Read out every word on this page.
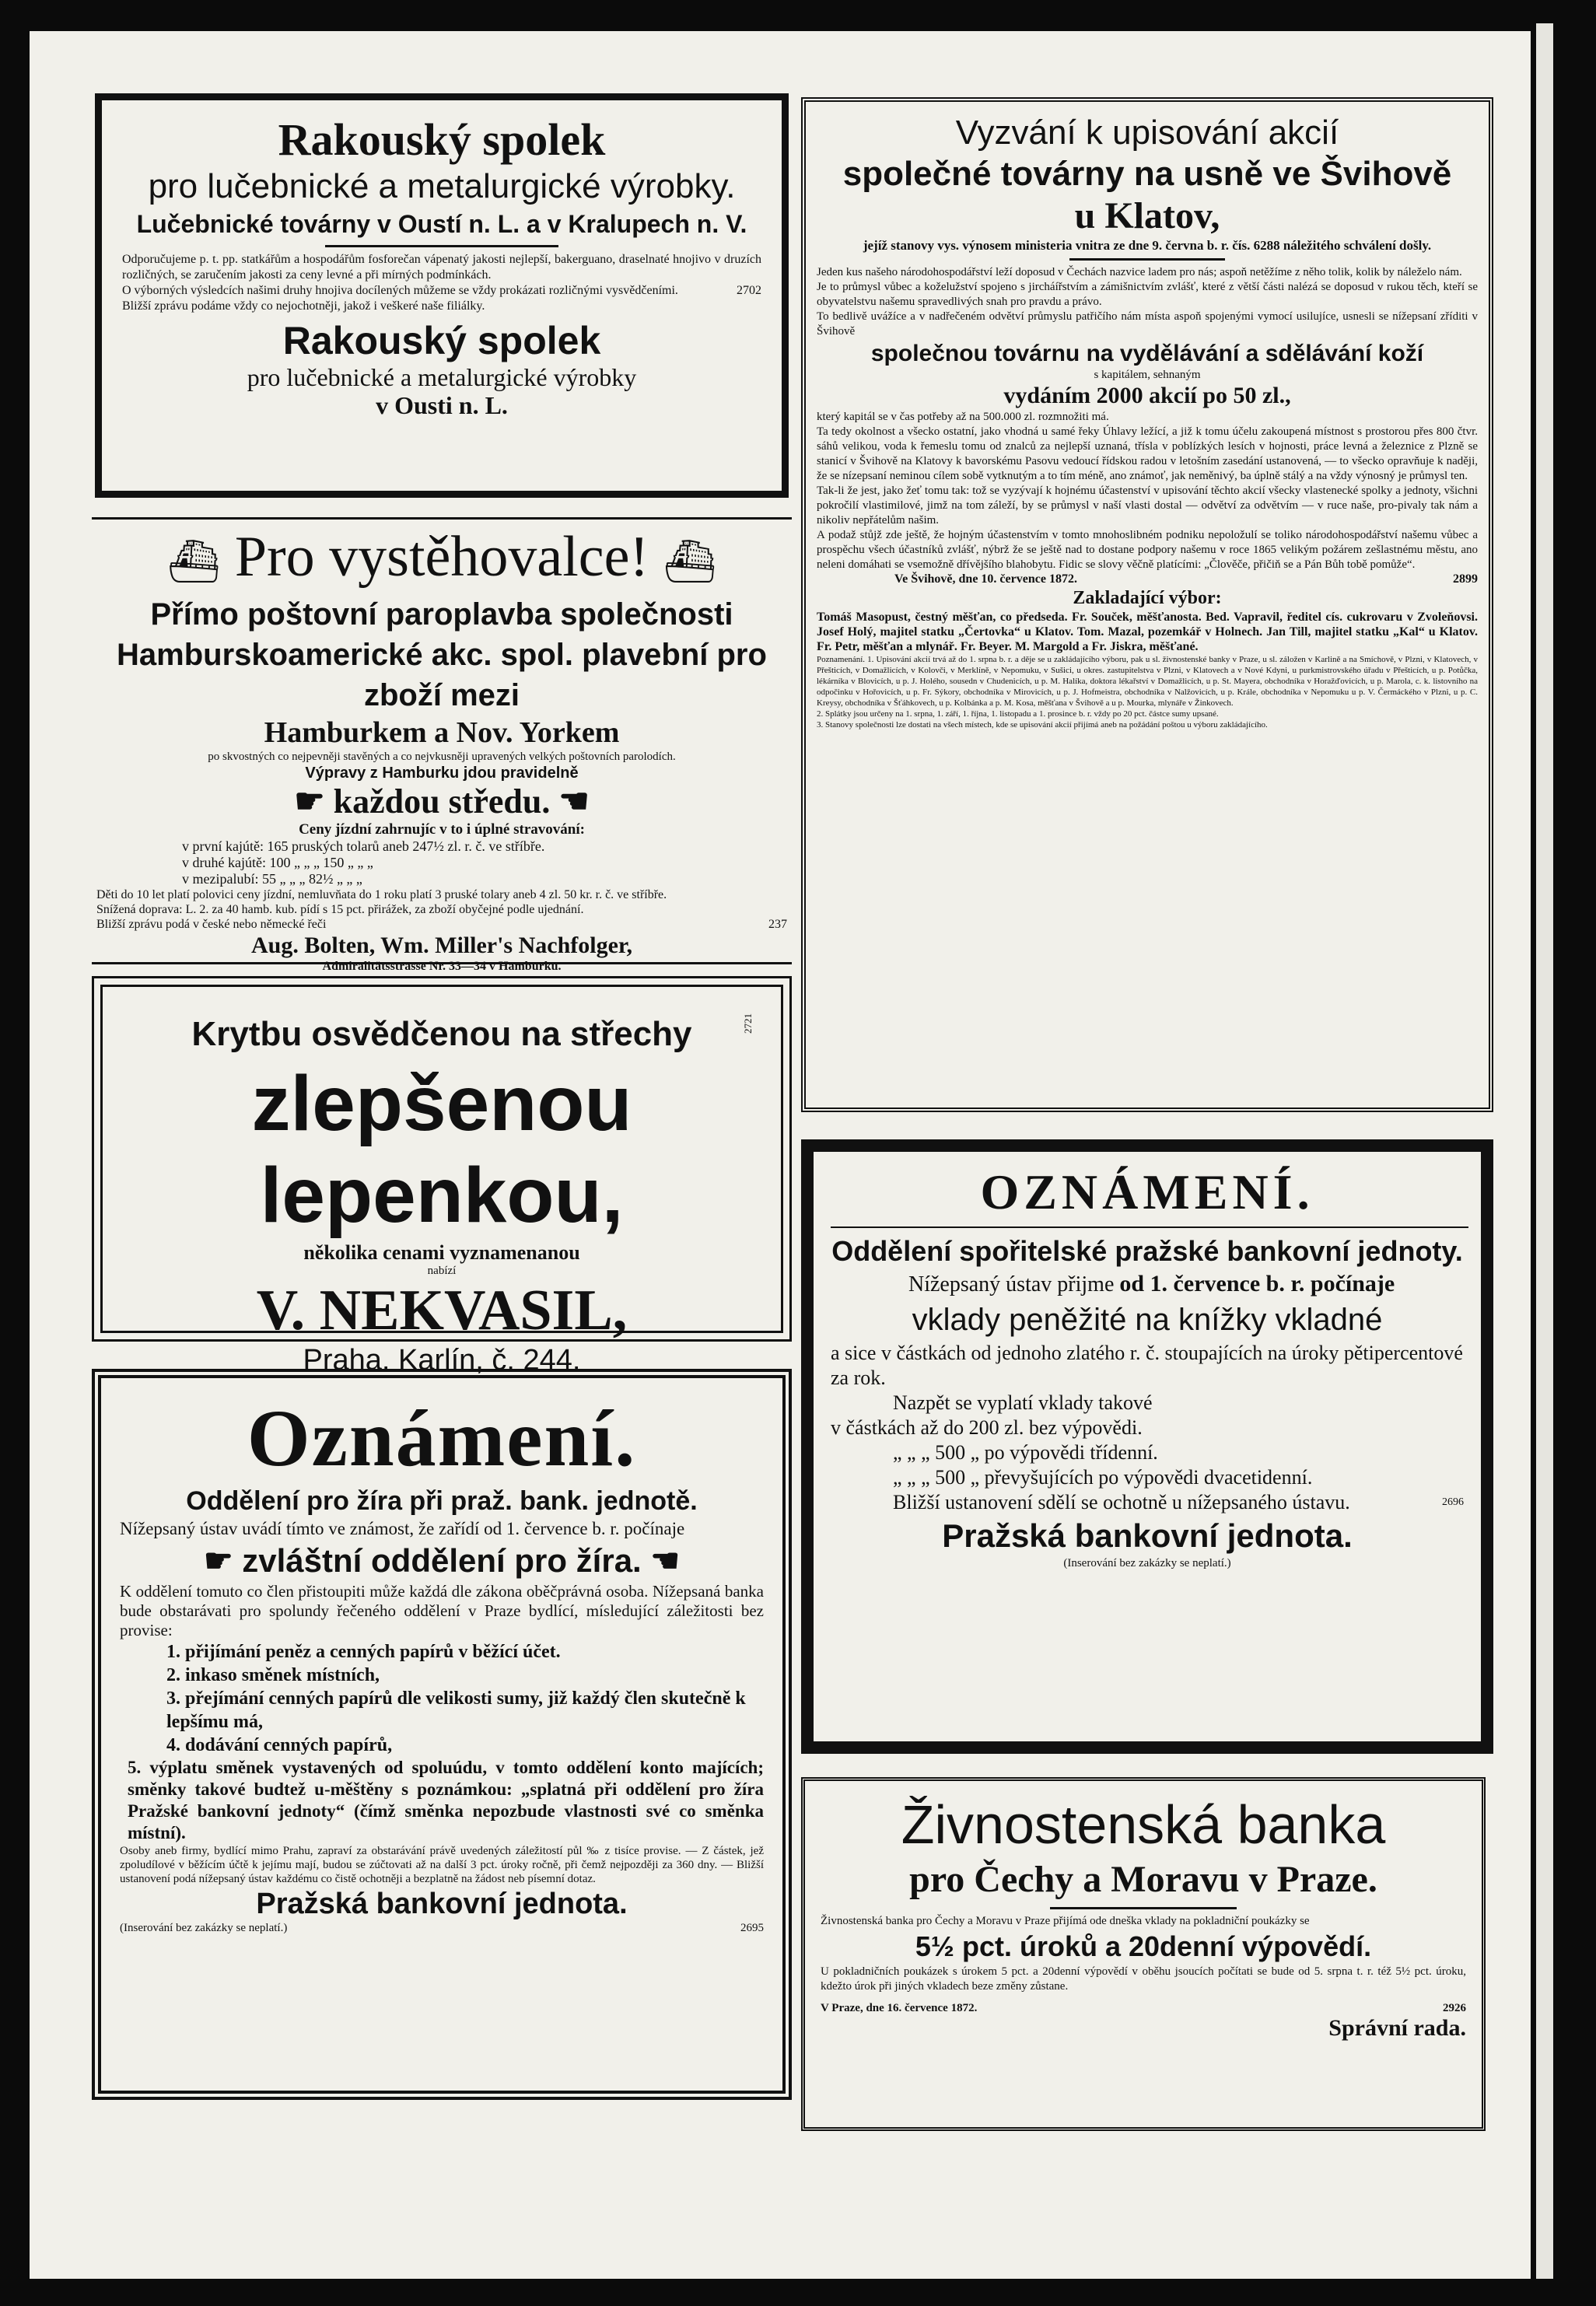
Rakouský spolek
pro lučebnické a metalurgické výrobky.
Lučebnické továrny v Oustí n. L. a v Kralupech n. V.

Odporučujeme p. t. pp. statkářům a hospodářům fosforečan vápenatý jakosti nejlepší, bakerguano, draselnaté hnojivo v druzích rozličných, se zaručením jakosti za ceny levné a při mírných podmínkách.

O výborných výsledcích našimi druhy hnojiva docílených můžeme se vždy prokázati rozličnými vysvědčeními.	2702

Bližší zprávu podáme vždy co nejochotněji, jakož i veškeré naše filiálky.

Rakouský spolek
pro lučebnické a metalurgické výrobky
v Ousti n. L.
⛴ Pro vystěhovalce! ⛴
Přímo poštovní paroplavba společnosti Hamburskoamerické akc. spol. plavební pro zboží mezi
Hamburkem a Nov. Yorkem
po skvostných co nejpevněji stavěných a co nejvkusněji upravených velkých poštovních parolodích.
Výpravy z Hamburku jdou pravidelně
☛ každou středu. ☚
Ceny jízdní zahrnujíc v to i úplné stravování:
v první kajútě: 165 pruských tolarů aneb 247½ zl. r. č. ve stříbře.
v druhé kajútě: 100 „ „ „ 150 „ „ „
v mezipalubí: 55 „ „ „ 82½ „ „ „

Děti do 10 let platí polovici ceny jízdní, nemluvňata do 1 roku platí 3 pruské tolary aneb 4 zl. 50 kr. r. č. ve stříbře.

Snížená doprava: L. 2. za 40 hamb. kub. pídí s 15 pct. přirážek, za zboží obyčejné podle ujednání.

Bližší zprávu podá v české nebo německé řeči	237

Aug. Bolten, Wm. Miller's Nachfolger,
Admiralitätsstrasse Nr. 33—34 v Hamburku.
Krytbu osvědčenou na střechy
zlepšenou lepenkou,
několika cenami vyznamenanou
nabízí
V. NEKVASIL,
Praha. Karlín, č. 244.
2721
Oznámení.
Oddělení pro žíra při praž. bank. jednotě.

Nížepsaný ústav uvádí tímto ve známost, že zařídí od 1. července b. r. počínaje

☛ zvláštní oddělení pro žíra. ☚

K oddělení tomuto co člen přistoupiti může každá dle zákona oběčprávná osoba. Nížepsaná banka bude obstarávati pro spolundy řečeného oddělení v Praze bydlící, mísledující záležitosti bez provise:

1. přijímání peněz a cenných papírů v běžící účet.
2. inkaso směnek místních,
3. přejímání cenných papírů dle velikosti sumy, již každý člen skutečně k lepšímu má,
4. dodávání cenných papírů,
5. výplatu směnek vystavených od spoluúdu, v tomto oddělení konto majících; směnky takové budtež u-měštěny s poznámkou: „splatná při oddělení pro žíra Pražské bankovní jednoty“ (čímž směnka nepozbude vlastnosti své co směnka místní).

Osoby aneb firmy, bydlící mimo Prahu, zapraví za obstarávání právě uvedených záležitostí půl ‰ z tisíce provise. — Z částek, jež zpoludílové v běžícím účtě k jejímu mají, budou se zúčtovati až na další 3 pct. úroky ročně, při čemž nejpozději za 360 dny. — Bližší ustanovení podá nížepsaný ústav každému co čistě ochotněji a bezplatně na žádost neb písemní dotaz.

Pražská bankovní jednota.
(Inserování bez zakázky se neplatí.)	2695
Vyzvání k upisování akcií
společné továrny na usně ve Švihově
u Klatov,
jejíž stanovy vys. výnosem ministeria vnitra ze dne 9. června b. r. čís. 6288 náležitého schválení došly.

Jeden kus našeho národohospodářství leží doposud v Čechách nazvice ladem pro nás; aspoň netěžíme z něho tolik, kolik by náleželo nám.

Je to průmysl vůbec a koželužství spojeno s jircháířstvím a zámišnictvím zvlášť, které z větší části nalézá se doposud v rukou těch, kteří se obyvatelstvu našemu spravedlivých snah pro pravdu a právo.

To bedlivě uvážíce a v nadřečeném odvětví průmyslu patřičího nám místa aspoň spojenými vymocí usilujíce, usnesli se nížepsaní zříditi v Švihově

společnou továrnu na vydělávání a sdělávání koží
s kapitálem, sehnaným
vydáním 2000 akcií po 50 zl.,

který kapitál se v čas potřeby až na 500.000 zl. rozmnožiti má.

Ta tedy okolnost a všecko ostatní, jako vhodná u samé řeky Úhlavy ležící, a již k tomu účelu zakoupená místnost s prostorou přes 800 čtvr. sáhů velikou, voda k řemeslu tomu od znalců za nejlepší uznaná, třísla v poblízkých lesích v hojnosti, práce levná a železnice z Plzně se stanicí v Švihově na Klatovy k bavorskému Pasovu vedoucí řídskou radou v letošním zasedání ustanovená, — to všecko opravňuje k naději, že se nízepsaní neminou cílem sobě vytknutým a to tím méně, ano známoť, jak neměnivý, ba úplně stálý a na vždy výnosný je průmysl ten.

Tak-li že jest, jako žeť tomu tak: tož se vyzývají k hojnému účastenství v upisování těchto akcií všecky vlastenecké spolky a jednoty, všichni pokročilí vlastimilové, jimž na tom záleží, by se průmysl v naší vlasti dostal — odvětví za odvětvím — v ruce naše, pro-pivaly tak nám a nikoliv nepřátelům našim.

A podaž stůjž zde ještě, že hojným účastenstvím v tomto mnohoslibném podniku nepoložulí se toliko národohospodářství našemu vůbec a prospěchu všech účastníků zvlášť, nýbrž že se ještě nad to dostane podpory našemu v roce 1865 velikým požárem zešlastnému městu, ano neleni domáhati se vsemožně dřívějšího blahobytu. Fidic se slovy věčně platícími: „Člověče, přičiň se a Pán Bůh tobě pomůže“.

Ve Švihově, dne 10. července 1872.	2899
Zakladající výbor:

Tomáš Masopust, čestný měšťan, co předseda. Fr. Souček, měšťanosta. Bed. Vapravil, ředitel cís. cukrovaru v Zvoleňovsi. Josef Holý, majitel statku „Čertovka“ u Klatov. Tom. Mazal, pozemkář v Holnech. Jan Till, majitel statku „Kal“ u Klatov. Fr. Petr, měšťan a mlynář. Fr. Beyer. M. Margold a Fr. Jiskra, měšťané.

Poznamenání. 1. Upisování akcií trvá až do 1. srpna b. r. a děje se u zakládajícího výboru, pak u sl. živnostenské banky v Praze, u sl. záložen v Karlině a na Smíchově, v Plzni, v Klatovech, v Přešticích, v Domažlicích, v Kolovči, v Merklíně, v Nepomuku, v Sušici, u okres. zastupitelstva v Plzni, v Klatovech a v Nové Kdyni, u purkmistrovského úřadu v Přešticích, u p. Potůčka, lékárníka v Blovicích, u p. J. Holého, sousedn v Chudenicích, u p. M. Halíka, doktora lékařství v Domažlicích, u p. St. Mayera, obchodníka v Horažďovicích, u p. Marola, c. k. listovního na odpočinku v Hořovicích, u p. Fr. Sýkory, obchodníka v Mirovicích, u p. J. Hofmeistra, obchodníka v Nalžovicích, u p. Krále, obchodníka v Nepomuku u p. V. Čermáckého v Plzni, u p. C. Kreysy, obchodníka v Šťáhkovech, u p. Kolbánka a p. M. Kosa, měšťana v Švihově a u p. Mourka, mlynáře v Žinkovech.

2. Splátky jsou určeny na 1. srpna, 1. září, 1. října, 1. listopadu a 1. prosince b. r. vždy po 20 pct. částce sumy upsané.

3. Stanovy společnosti lze dostati na všech místech, kde se upisování akcií přijímá aneb na požádání poštou u výboru zakládajícího.

OZNÁMENÍ.
Oddělení spořitelské pražské bankovní jednoty.
Nížepsaný ústav přijme od 1. července b. r. počínaje
vklady peněžité na knížky vkladné

a sice v částkách od jednoho zlatého r. č. stoupajících na úroky pětipercentové za rok.

Nazpět se vyplatí vklady takové

v částkách až do 200 zl. bez výpovědi.
„ „ „ 500 „ po výpovědi třídenní.
„ „ „ 500 „ převyšujících po výpovědi dvacetidenní.
Bližší ustanovení sdělí se ochotně u nížepsaného ústavu.	2696
Pražská bankovní jednota.
(Inserování bez zakázky se neplatí.)
Živnostenská banka
pro Čechy a Moravu v Praze.

Živnostenská banka pro Čechy a Moravu v Praze přijímá ode dneška vklady na pokladniční poukázky se

5½ pct. úroků a 20denní výpovědí.

U pokladničních poukázek s úrokem 5 pct. a 20denní výpovědí v oběhu jsoucích počítati se bude od 5. srpna t. r. též 5½ pct. úroku, kdežto úrok při jiných vkladech beze změny zůstane.

V Praze, dne 16. července 1872.	2926
Správní rada.
